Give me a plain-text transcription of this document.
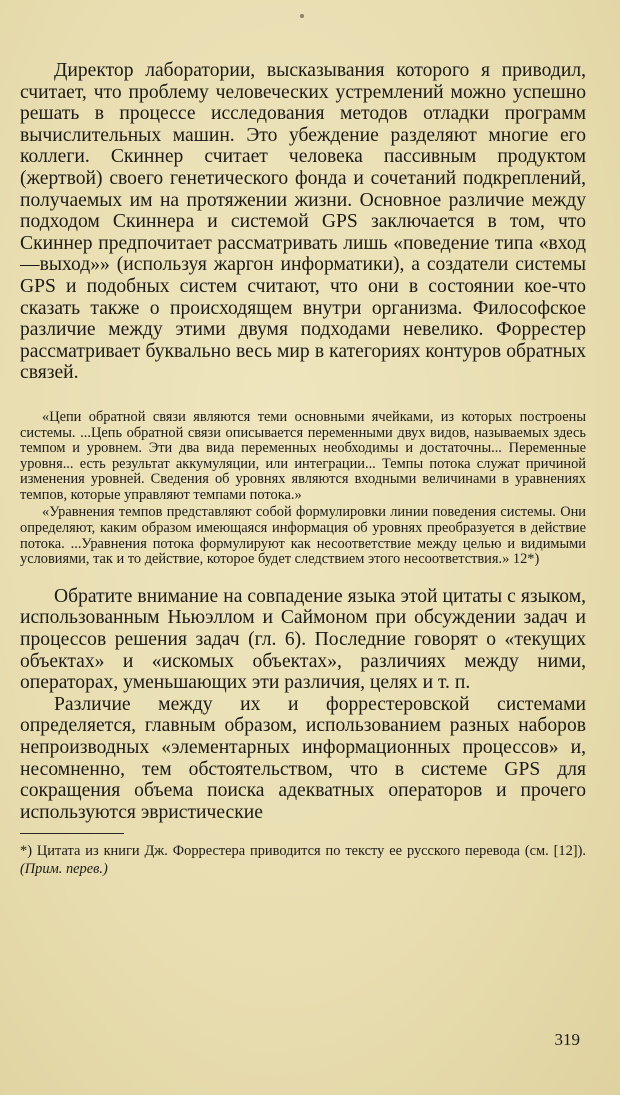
Директор лаборатории, высказывания которого я приводил, считает, что проблему человеческих устремлений можно успешно решать в процессе исследования методов отладки программ вычислительных машин. Это убеждение разделяют многие его коллеги. Скиннер считает человека пассивным продуктом (жертвой) своего генетического фонда и сочетаний подкреплений, получаемых им на протяжении жизни. Основное различие между подходом Скиннера и системой GPS заключается в том, что Скиннер предпочитает рассматривать лишь «поведение типа «вход—выход»» (используя жаргон информатики), а создатели системы GPS и подобных систем считают, что они в состоянии кое-что сказать также о происходящем внутри организма. Философское различие между этими двумя подходами невелико. Форрестер рассматривает буквально весь мир в категориях контуров обратных связей.

«Цепи обратной связи являются теми основными ячейками, из которых построены системы. ...Цепь обратной связи описывается переменными двух видов, называемых здесь темпом и уровнем. Эти два вида переменных необходимы и достаточны... Переменные уровня... есть результат аккумуляции, или интеграции... Темпы потока служат причиной изменения уровней. Сведения об уровнях являются входными величинами в уравнениях темпов, которые управляют темпами потока.»

«Уравнения темпов представляют собой формулировки линии поведения системы. Они определяют, каким образом имеющаяся информация об уровнях преобразуется в действие потока. ...Уравнения потока формулируют как несоответствие между целью и видимыми условиями, так и то действие, которое будет следствием этого несоответствия.» 12*)

Обратите внимание на совпадение языка этой цитаты с языком, использованным Ньюэллом и Саймоном при обсуждении задач и процессов решения задач (гл. 6). Последние говорят о «текущих объектах» и «искомых объектах», различиях между ними, операторах, уменьшающих эти различия, целях и т. п.

Различие между их и форрестеровской системами определяется, главным образом, использованием разных наборов непроизводных «элементарных информационных процессов» и, несомненно, тем обстоятельством, что в системе GPS для сокращения объема поиска адекватных операторов и прочего используются эвристические

*) Цитата из книги Дж. Форрестера приводится по тексту ее русского перевода (см. [12]). (Прим. перев.)

319
